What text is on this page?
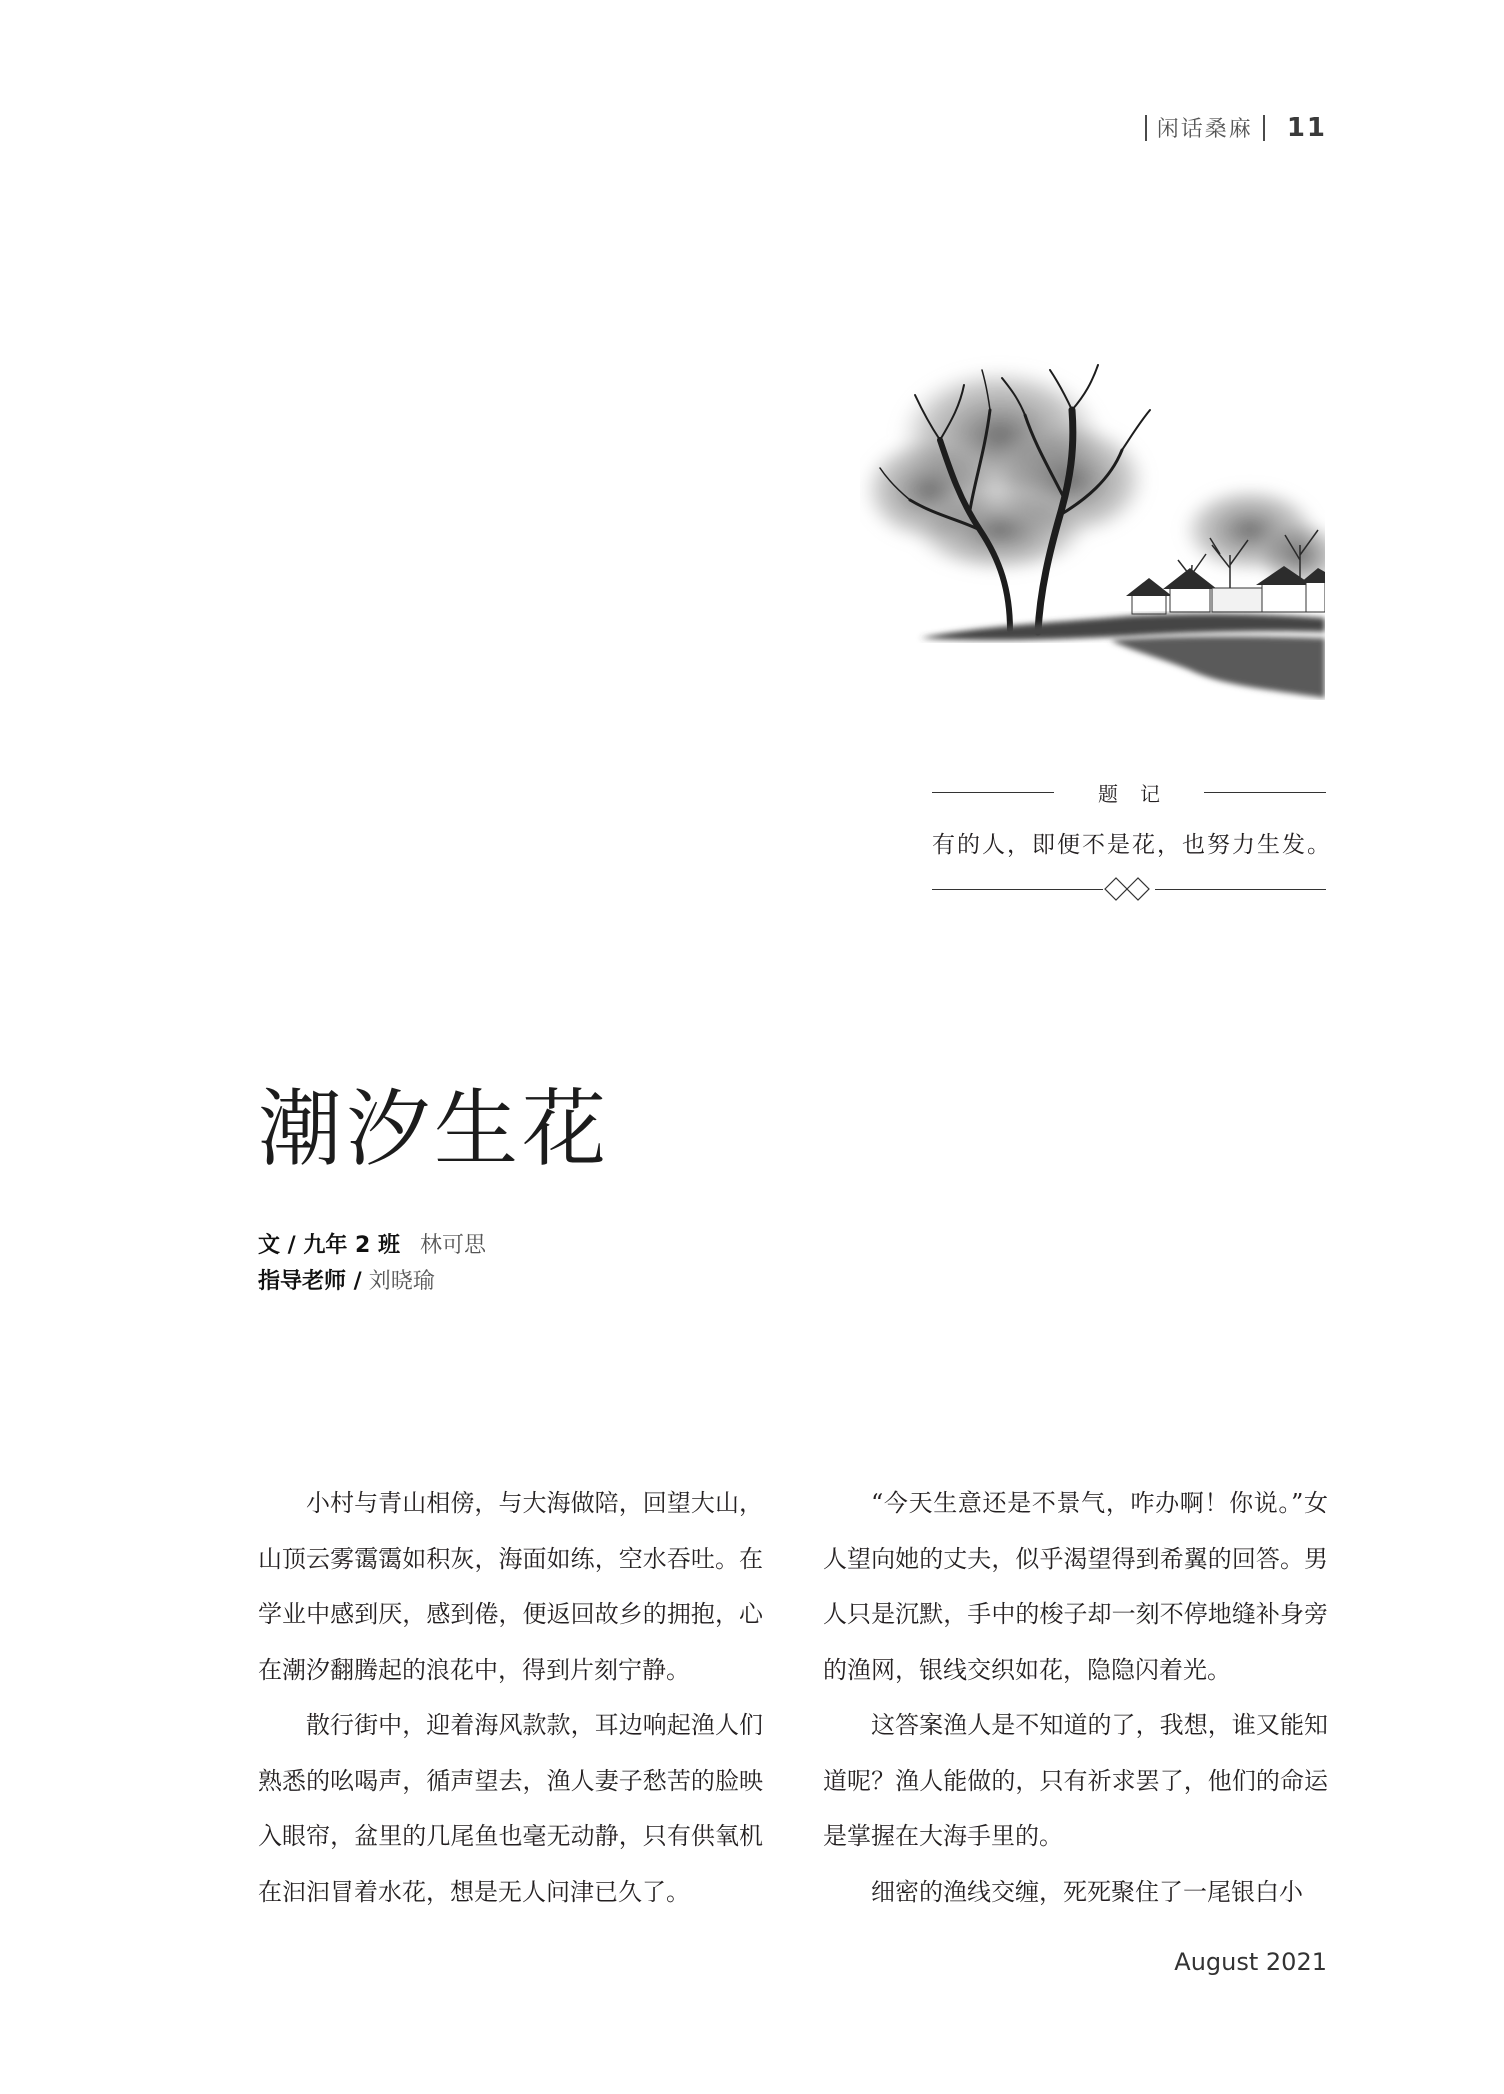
闲话桑麻 11
题记
有的人，即便不是花，也努力生发。
潮汐生花
文 / 九年 2 班 林可思
指导老师 / 刘晓瑜

小村与青山相傍，与大海做陪，回望大山，山顶云雾霭霭如积灰，海面如练，空水吞吐。在学业中感到厌，感到倦，便返回故乡的拥抱，心在潮汐翻腾起的浪花中，得到片刻宁静。

散行街中，迎着海风款款，耳边响起渔人们熟悉的吆喝声，循声望去，渔人妻子愁苦的脸映入眼帘，盆里的几尾鱼也毫无动静，只有供氧机在汩汩冒着水花，想是无人问津已久了。

“今天生意还是不景气，咋办啊！你说。”女人望向她的丈夫，似乎渴望得到希翼的回答。男人只是沉默，手中的梭子却一刻不停地缝补身旁的渔网，银线交织如花，隐隐闪着光。

这答案渔人是不知道的了，我想，谁又能知道呢？渔人能做的，只有祈求罢了，他们的命运是掌握在大海手里的。

细密的渔线交缠，死死聚住了一尾银白小

August 2021
